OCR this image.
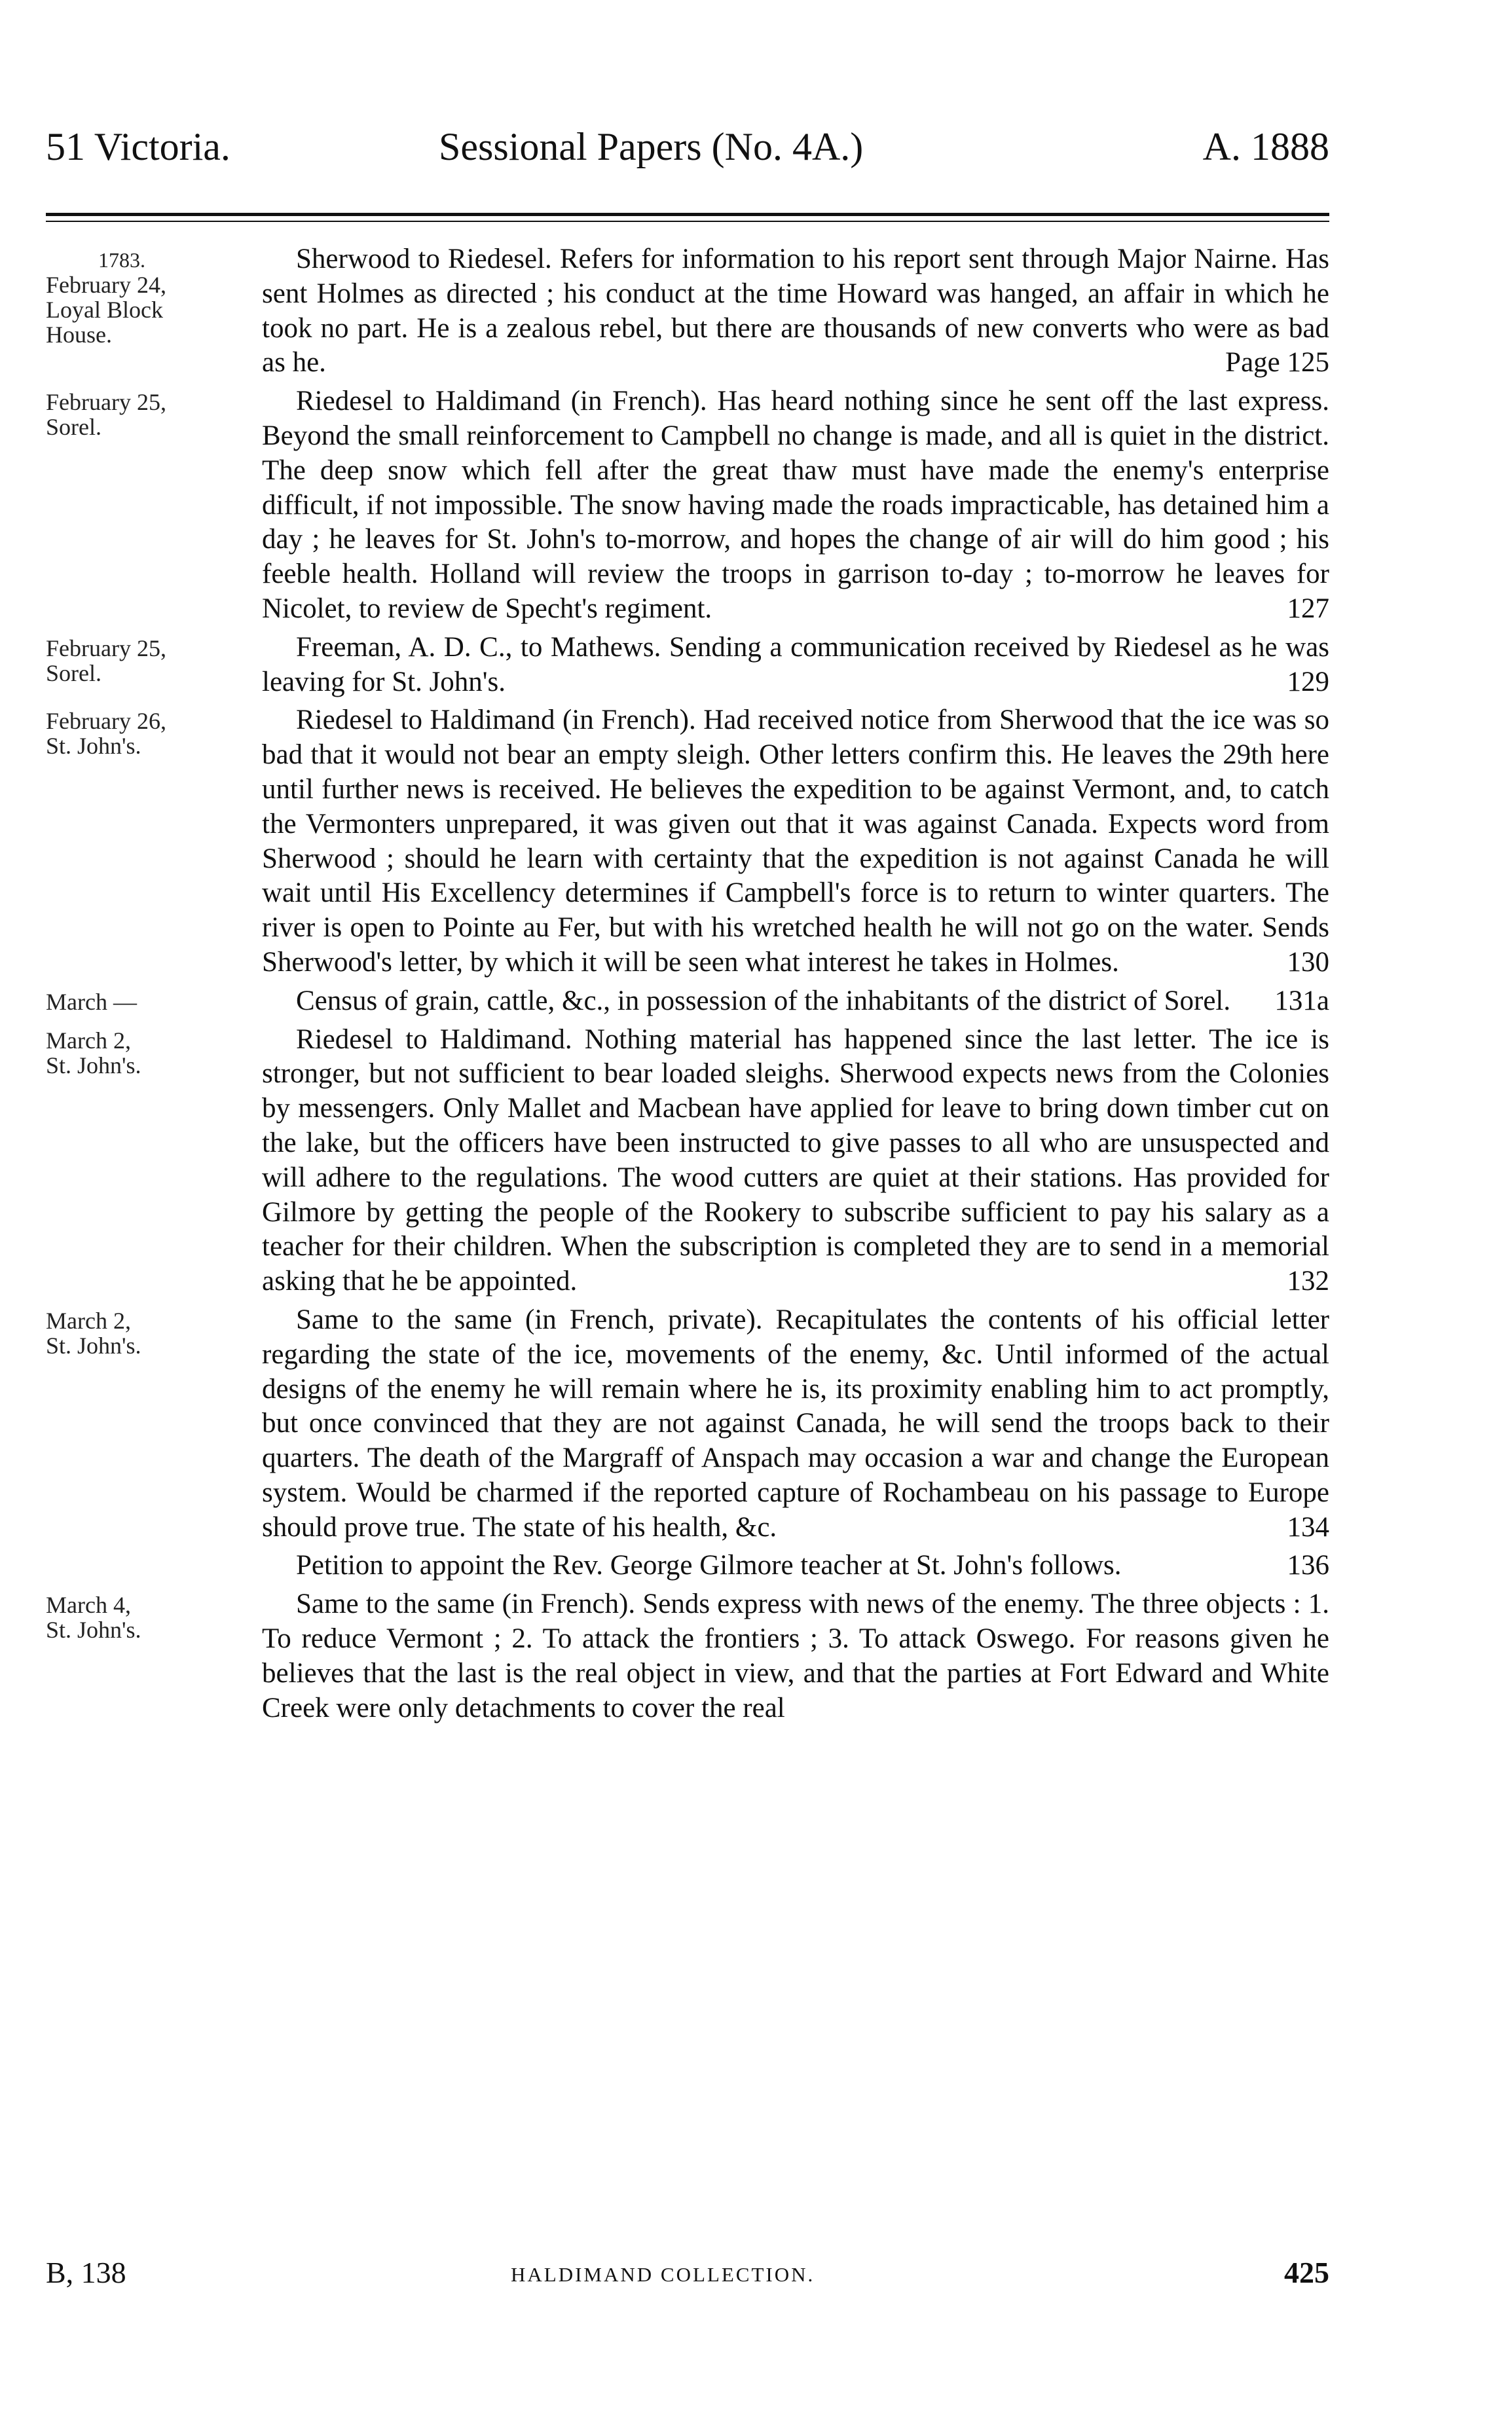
51 Victoria.	Sessional Papers (No. 4A.)	A. 1888
1783.
February 24,
Loyal Block
House.

Sherwood to Riedesel. Refers for information to his report sent through Major Nairne. Has sent Holmes as directed ; his conduct at the time Howard was hanged, an affair in which he took no part. He is a zealous rebel, but there are thousands of new converts who were as bad as he.	Page 125

February 25,
Sorel.

Riedesel to Haldimand (in French). Has heard nothing since he sent off the last express. Beyond the small reinforcement to Campbell no change is made, and all is quiet in the district. The deep snow which fell after the great thaw must have made the enemy's enterprise difficult, if not impossible. The snow having made the roads impracticable, has detained him a day ; he leaves for St. John's to-morrow, and hopes the change of air will do him good ; his feeble health. Holland will review the troops in garrison to-day ; to-morrow he leaves for Nicolet, to review de Specht's regiment.	127

February 25,
Sorel.

Freeman, A. D. C., to Mathews. Sending a communication received by Riedesel as he was leaving for St. John's.	129

February 26,
St. John's.

Riedesel to Haldimand (in French). Had received notice from Sherwood that the ice was so bad that it would not bear an empty sleigh. Other letters confirm this. He leaves the 29th here until further news is received. He believes the expedition to be against Vermont, and, to catch the Vermonters unprepared, it was given out that it was against Canada. Expects word from Sherwood ; should he learn with certainty that the expedition is not against Canada he will wait until His Excellency determines if Campbell's force is to return to winter quarters. The river is open to Pointe au Fer, but with his wretched health he will not go on the water. Sends Sherwood's letter, by which it will be seen what interest he takes in Holmes.	130

March —	Census of grain, cattle, &c., in possession of the inhabitants of the district of Sorel. 131a

March 2,
St. John's.

Riedesel to Haldimand. Nothing material has happened since the last letter. The ice is stronger, but not sufficient to bear loaded sleighs. Sherwood expects news from the Colonies by messengers. Only Mallet and Macbean have applied for leave to bring down timber cut on the lake, but the officers have been instructed to give passes to all who are unsuspected and will adhere to the regulations. The wood cutters are quiet at their stations. Has provided for Gilmore by getting the people of the Rookery to subscribe sufficient to pay his salary as a teacher for their children. When the subscription is completed they are to send in a memorial asking that he be appointed.	132

March 2,
St. John's.

Same to the same (in French, private). Recapitulates the contents of his official letter regarding the state of the ice, movements of the enemy, &c. Until informed of the actual designs of the enemy he will remain where he is, its proximity enabling him to act promptly, but once convinced that they are not against Canada, he will send the troops back to their quarters. The death of the Margraff of Anspach may occasion a war and change the European system. Would be charmed if the reported capture of Rochambeau on his passage to Europe should prove true. The state of his health, &c.	134

Petition to appoint the Rev. George Gilmore teacher at St. John's follows.	136

March 4,
St. John's.

Same to the same (in French). Sends express with news of the enemy. The three objects : 1. To reduce Vermont ; 2. To attack the frontiers ; 3. To attack Oswego. For reasons given he believes that the last is the real object in view, and that the parties at Fort Edward and White Creek were only detachments to cover the real

B, 138	HALDIMAND COLLECTION.	425
